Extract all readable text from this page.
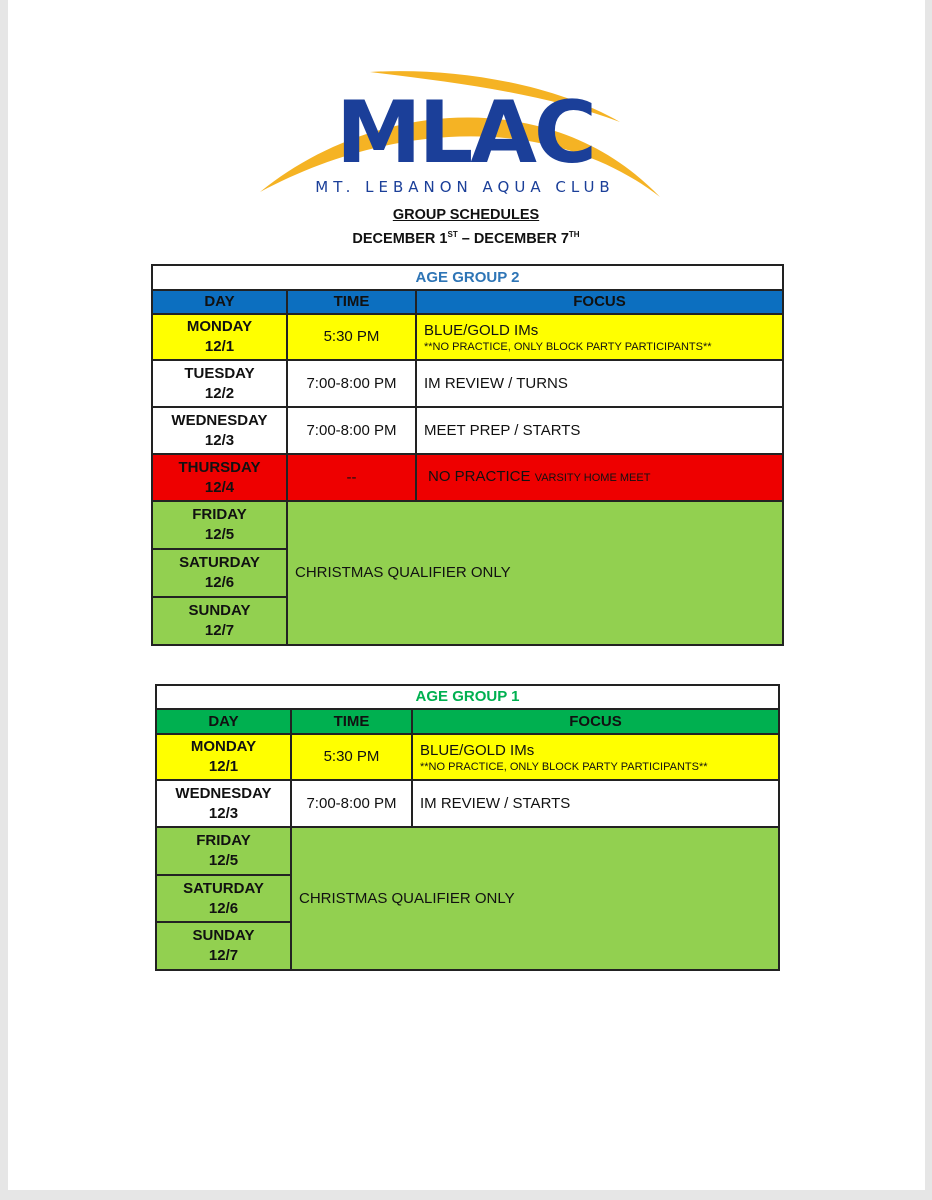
MLAC
MT. LEBANON AQUA CLUB
GROUP SCHEDULES
DECEMBER 1ST – DECEMBER 7TH
AGE GROUP 2		
DAY	TIME	FOCUS
MONDAY
12/1	5:30 PM	BLUE/GOLD IMs
**NO PRACTICE, ONLY BLOCK PARTY PARTICIPANTS**

TUESDAY
12/2	7:00-8:00 PM	IM REVIEW / TURNS
WEDNESDAY
12/3	7:00-8:00 PM	MEET PREP / STARTS
THURSDAY
12/4	--	NO PRACTICE VARSITY HOME MEET
FRIDAY
12/5	CHRISTMAS QUALIFIER ONLY	
SATURDAY
12/6		
SUNDAY
12/7		
AGE GROUP 1		
DAY	TIME	FOCUS
MONDAY
12/1	5:30 PM	BLUE/GOLD IMs
**NO PRACTICE, ONLY BLOCK PARTY PARTICIPANTS**

WEDNESDAY
12/3	7:00-8:00 PM	IM REVIEW / STARTS
FRIDAY
12/5	CHRISTMAS QUALIFIER ONLY	
SATURDAY
12/6		
SUNDAY
12/7		
